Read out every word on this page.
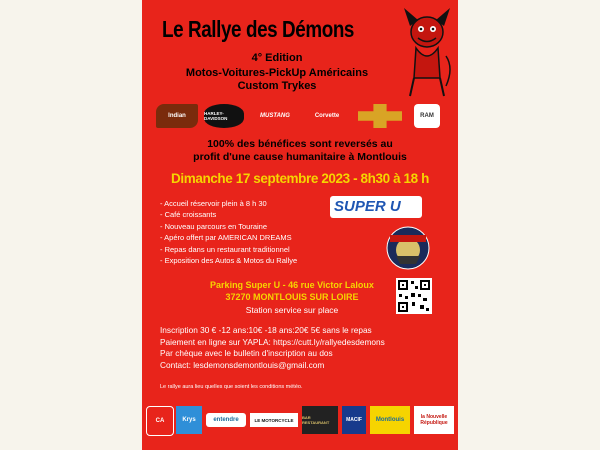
Le Rallye des Démons
4° Edition
Motos-Voitures-PickUp Américains
Custom Trykes
Indian	HARLEY-DAVIDSON	MUSTANG	Corvette	RAM
100% des bénéfices sont reversés au
profit d'une cause humanitaire à Montlouis
Dimanche 17 septembre 2023 - 8h30 à 18 h
- Accueil réservoir plein à 8 h 30
- Café croissants
- Nouveau parcours en Touraine
- Apéro offert par AMERICAN DREAMS
- Repas dans un restaurant traditionnel
- Exposition des Autos & Motos du Rallye
SUPER U
Parking Super U - 46 rue Victor Laloux
37270 MONTLOUIS SUR LOIRE
Station service sur place
Inscription 30 € -12 ans:10€ -18 ans:20€ 5€ sans le repas
Paiement en ligne sur YAPLA: https://cutt.ly/rallyedesdemons
Par chèque avec le bulletin d'inscription au dos
Contact: lesdemonsdemontlouis@gmail.com
Le rallye aura lieu quelles que soient les conditions météo.
CA	Krys	entendre	LE MOTORCYCLE	BAR RESTAURANT	MACIF	Montlouis	la Nouvelle République
